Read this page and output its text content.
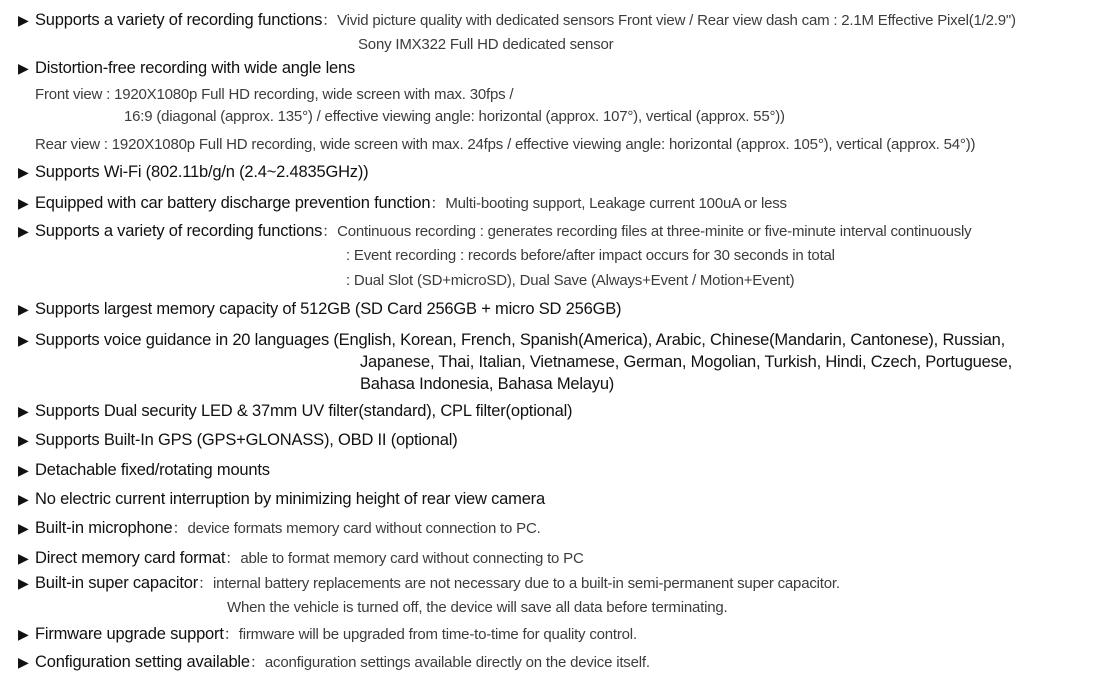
▶ Supports a variety of recording functions：Vivid picture quality with dedicated sensors Front view / Rear view dash cam : 2.1M Effective Pixel(1/2.9")
Sony IMX322 Full HD dedicated sensor
▶ Distortion-free recording with wide angle lens
Front view : 1920X1080p Full HD recording, wide screen with max. 30fps /
16:9 (diagonal (approx. 135°) / effective viewing angle: horizontal (approx. 107°), vertical (approx. 55°))
Rear view : 1920X1080p Full HD recording, wide screen with max. 24fps / effective viewing angle: horizontal (approx. 105°), vertical (approx. 54°))
▶ Supports Wi-Fi (802.11b/g/n (2.4~2.4835GHz))
▶ Equipped with car battery discharge prevention function：Multi-booting support, Leakage current 100uA or less
▶ Supports a variety of recording functions：Continuous recording : generates recording files at three-minite or five-minute interval continuously
: Event recording : records before/after impact occurs for 30 seconds in total
: Dual Slot (SD+microSD), Dual Save (Always+Event / Motion+Event)
▶ Supports largest memory capacity of 512GB (SD Card 256GB + micro SD 256GB)
▶ Supports voice guidance in 20 languages (English, Korean, French, Spanish(America), Arabic, Chinese(Mandarin, Cantonese), Russian,
Japanese, Thai, Italian, Vietnamese, German, Mogolian, Turkish, Hindi, Czech, Portuguese,
Bahasa Indonesia, Bahasa Melayu)
▶ Supports Dual security LED & 37mm UV filter(standard), CPL filter(optional)
▶ Supports Built-In GPS (GPS+GLONASS), OBD II (optional)
▶ Detachable fixed/rotating mounts
▶ No electric current interruption by minimizing height of rear view camera
▶ Built-in microphone：device formats memory card without connection to PC.
▶ Direct memory card format：able to format memory card without connecting to PC
▶ Built-in super capacitor：internal battery replacements are not necessary due to a built-in semi-permanent super capacitor.
When the vehicle is turned off, the device will save all data before terminating.
▶ Firmware upgrade support：firmware will be upgraded from time-to-time for quality control.
▶ Configuration setting available：aconfiguration settings available directly on the device itself.
